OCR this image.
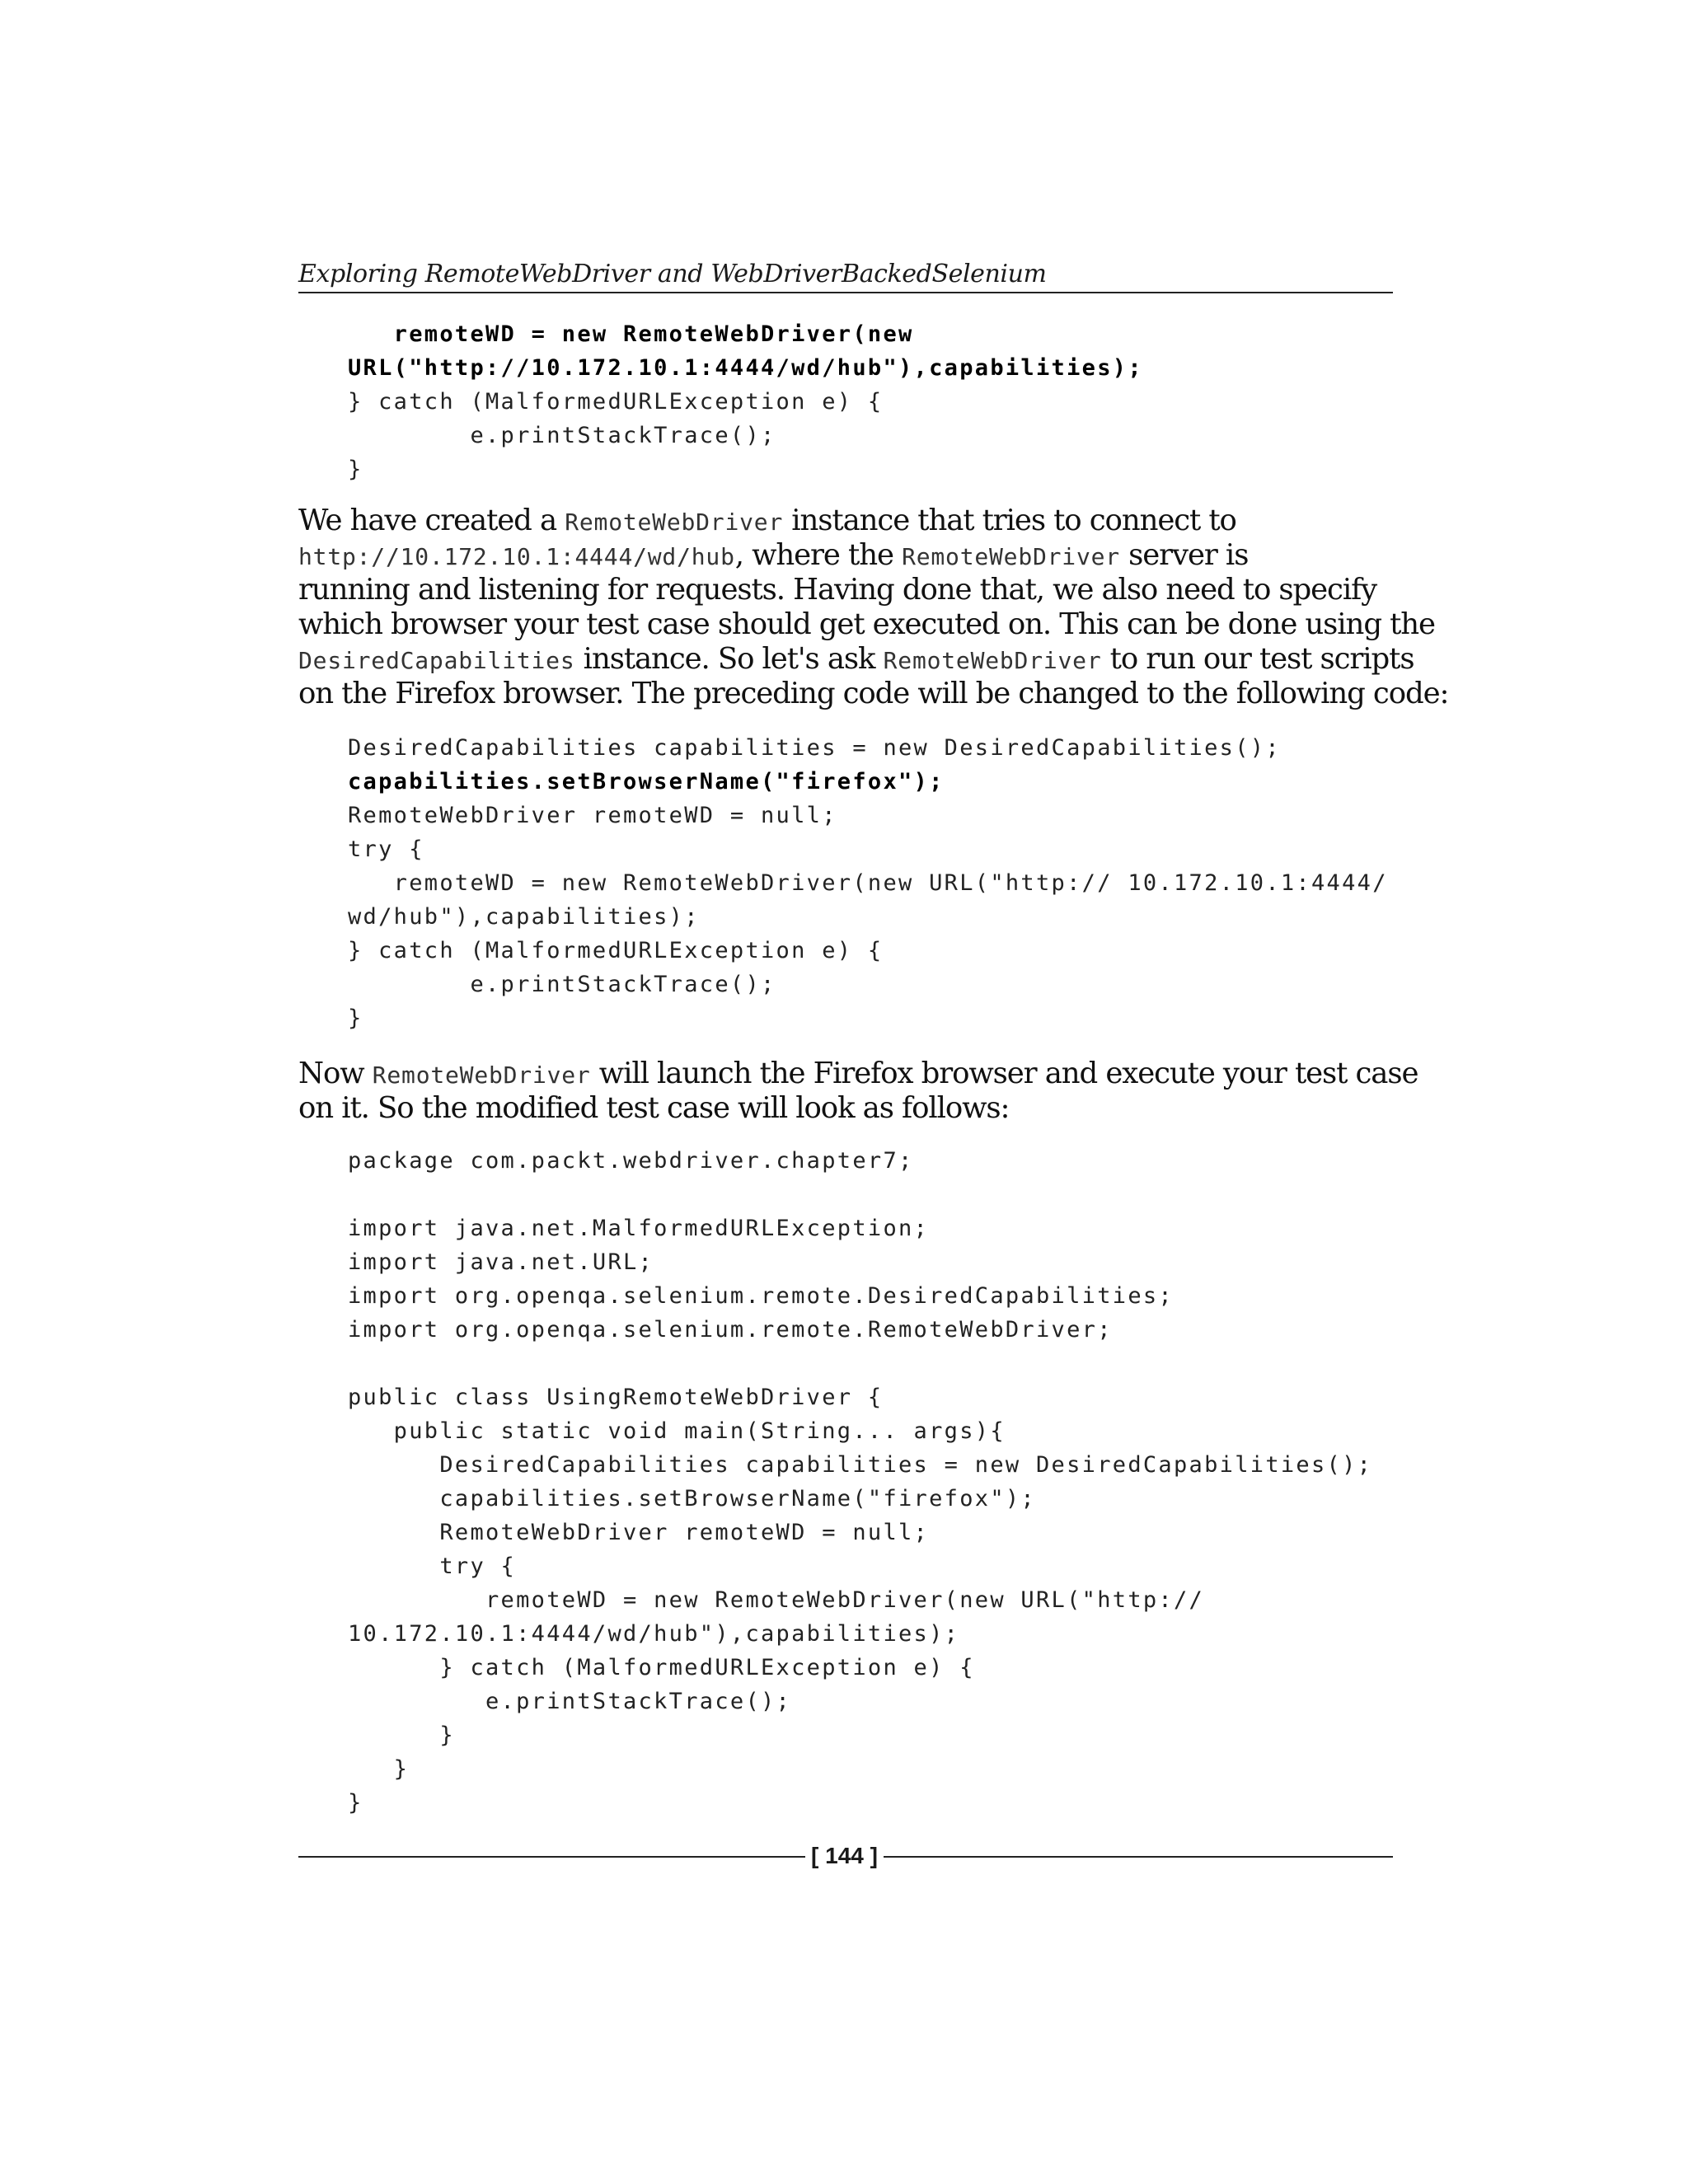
Exploring RemoteWebDriver and WebDriverBackedSelenium
remoteWD = new RemoteWebDriver(new
URL("http://10.172.10.1:4444/wd/hub"),capabilities);
} catch (MalformedURLException e) {
e.printStackTrace();
}
We have created a RemoteWebDriver instance that tries to connect to
http://10.172.10.1:4444/wd/hub, where the RemoteWebDriver server is
running and listening for requests. Having done that, we also need to specify
which browser your test case should get executed on. This can be done using the
DesiredCapabilities instance. So let's ask RemoteWebDriver to run our test scripts
on the Firefox browser. The preceding code will be changed to the following code:
DesiredCapabilities capabilities = new DesiredCapabilities();
capabilities.setBrowserName("firefox");
RemoteWebDriver remoteWD = null;
try {
remoteWD = new RemoteWebDriver(new URL("http:// 10.172.10.1:4444/
wd/hub"),capabilities);
} catch (MalformedURLException e) {
e.printStackTrace();
}
Now RemoteWebDriver will launch the Firefox browser and execute your test case
on it. So the modified test case will look as follows:
package com.packt.webdriver.chapter7;
import java.net.MalformedURLException;
import java.net.URL;
import org.openqa.selenium.remote.DesiredCapabilities;
import org.openqa.selenium.remote.RemoteWebDriver;
public class UsingRemoteWebDriver {
public static void main(String... args){
DesiredCapabilities capabilities = new DesiredCapabilities();
capabilities.setBrowserName("firefox");
RemoteWebDriver remoteWD = null;
try {
remoteWD = new RemoteWebDriver(new URL("http://
10.172.10.1:4444/wd/hub"),capabilities);
} catch (MalformedURLException e) {
e.printStackTrace();
}
}
}
[ 144 ]
